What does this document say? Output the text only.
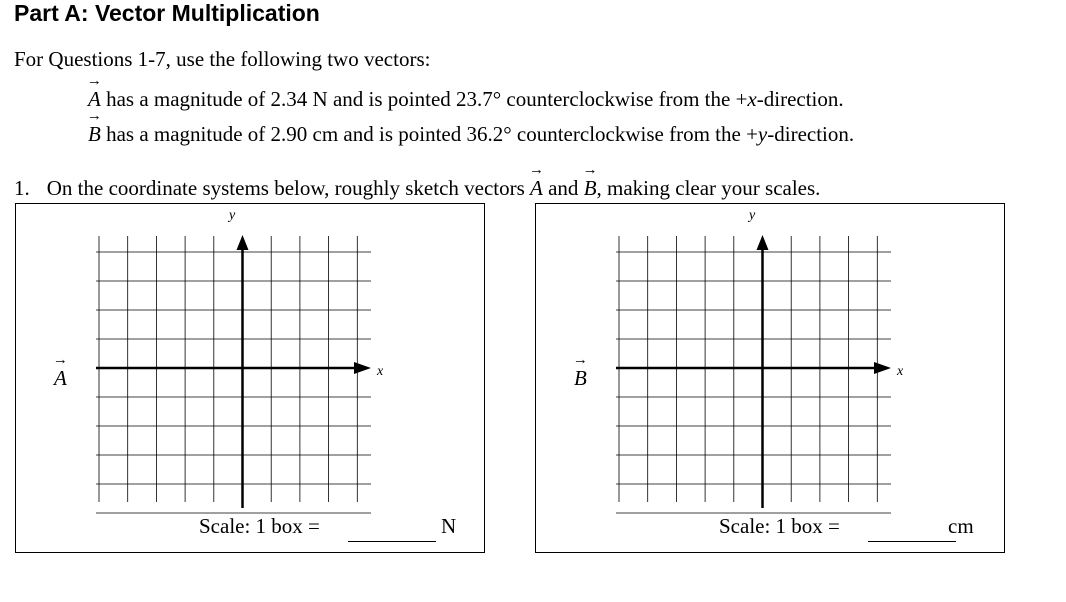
Part A: Vector Multiplication
For Questions 1-7, use the following two vectors:
A → has a magnitude of 2.34 N and is pointed 23.7° counterclockwise from the +x-direction.
B → has a magnitude of 2.90 cm and is pointed 36.2° counterclockwise from the +y-direction.
1. On the coordinate systems below, roughly sketch vectors A → and B →, making clear your scales.
y
x
A →
Scale: 1 box =	N
y
x
B →
Scale: 1 box =	cm
